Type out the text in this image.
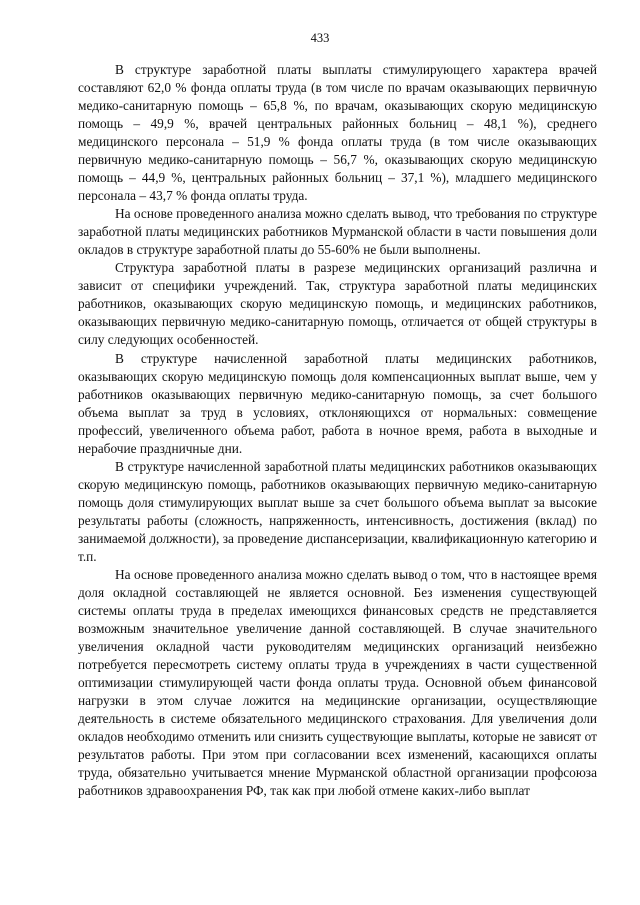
433

В структуре заработной платы выплаты стимулирующего характера врачей составляют 62,0 % фонда оплаты труда (в том числе по врачам оказывающих первичную медико-санитарную помощь – 65,8 %, по врачам, оказывающих скорую медицинскую помощь – 49,9 %, врачей центральных районных больниц – 48,1 %), среднего медицинского персонала – 51,9 % фонда оплаты труда (в том числе оказывающих первичную медико-санитарную помощь – 56,7 %, оказывающих скорую медицинскую помощь – 44,9 %, центральных районных больниц – 37,1 %), младшего медицинского персонала – 43,7 % фонда оплаты труда.

На основе проведенного анализа можно сделать вывод, что требования по структуре заработной платы медицинских работников Мурманской области в части повышения доли окладов в структуре заработной платы до 55-60% не были выполнены.

Структура заработной платы в разрезе медицинских организаций различна и зависит от специфики учреждений. Так, структура заработной платы медицинских работников, оказывающих скорую медицинскую помощь, и медицинских работников, оказывающих первичную медико-санитарную помощь, отличается от общей структуры в силу следующих особенностей.

В структуре начисленной заработной платы медицинских работников, оказывающих скорую медицинскую помощь доля компенсационных выплат выше, чем у работников оказывающих первичную медико-санитарную помощь, за счет большого объема выплат за труд в условиях, отклоняющихся от нормальных: совмещение профессий, увеличенного объема работ, работа в ночное время, работа в выходные и нерабочие праздничные дни.

В структуре начисленной заработной платы медицинских работников оказывающих скорую медицинскую помощь, работников оказывающих первичную медико-санитарную помощь доля стимулирующих выплат выше за счет большого объема выплат за высокие результаты работы (сложность, напряженность, интенсивность, достижения (вклад) по занимаемой должности), за проведение диспансеризации, квалификационную категорию и т.п.

На основе проведенного анализа можно сделать вывод о том, что в настоящее время доля окладной составляющей не является основной. Без изменения существующей системы оплаты труда в пределах имеющихся финансовых средств не представляется возможным значительное увеличение данной составляющей. В случае значительного увеличения окладной части руководителям медицинских организаций неизбежно потребуется пересмотреть систему оплаты труда в учреждениях в части существенной оптимизации стимулирующей части фонда оплаты труда. Основной объем финансовой нагрузки в этом случае ложится на медицинские организации, осуществляющие деятельность в системе обязательного медицинского страхования. Для увеличения доли окладов необходимо отменить или снизить существующие выплаты, которые не зависят от результатов работы. При этом при согласовании всех изменений, касающихся оплаты труда, обязательно учитывается мнение Мурманской областной организации профсоюза работников здравоохранения РФ, так как при любой отмене каких-либо выплат
